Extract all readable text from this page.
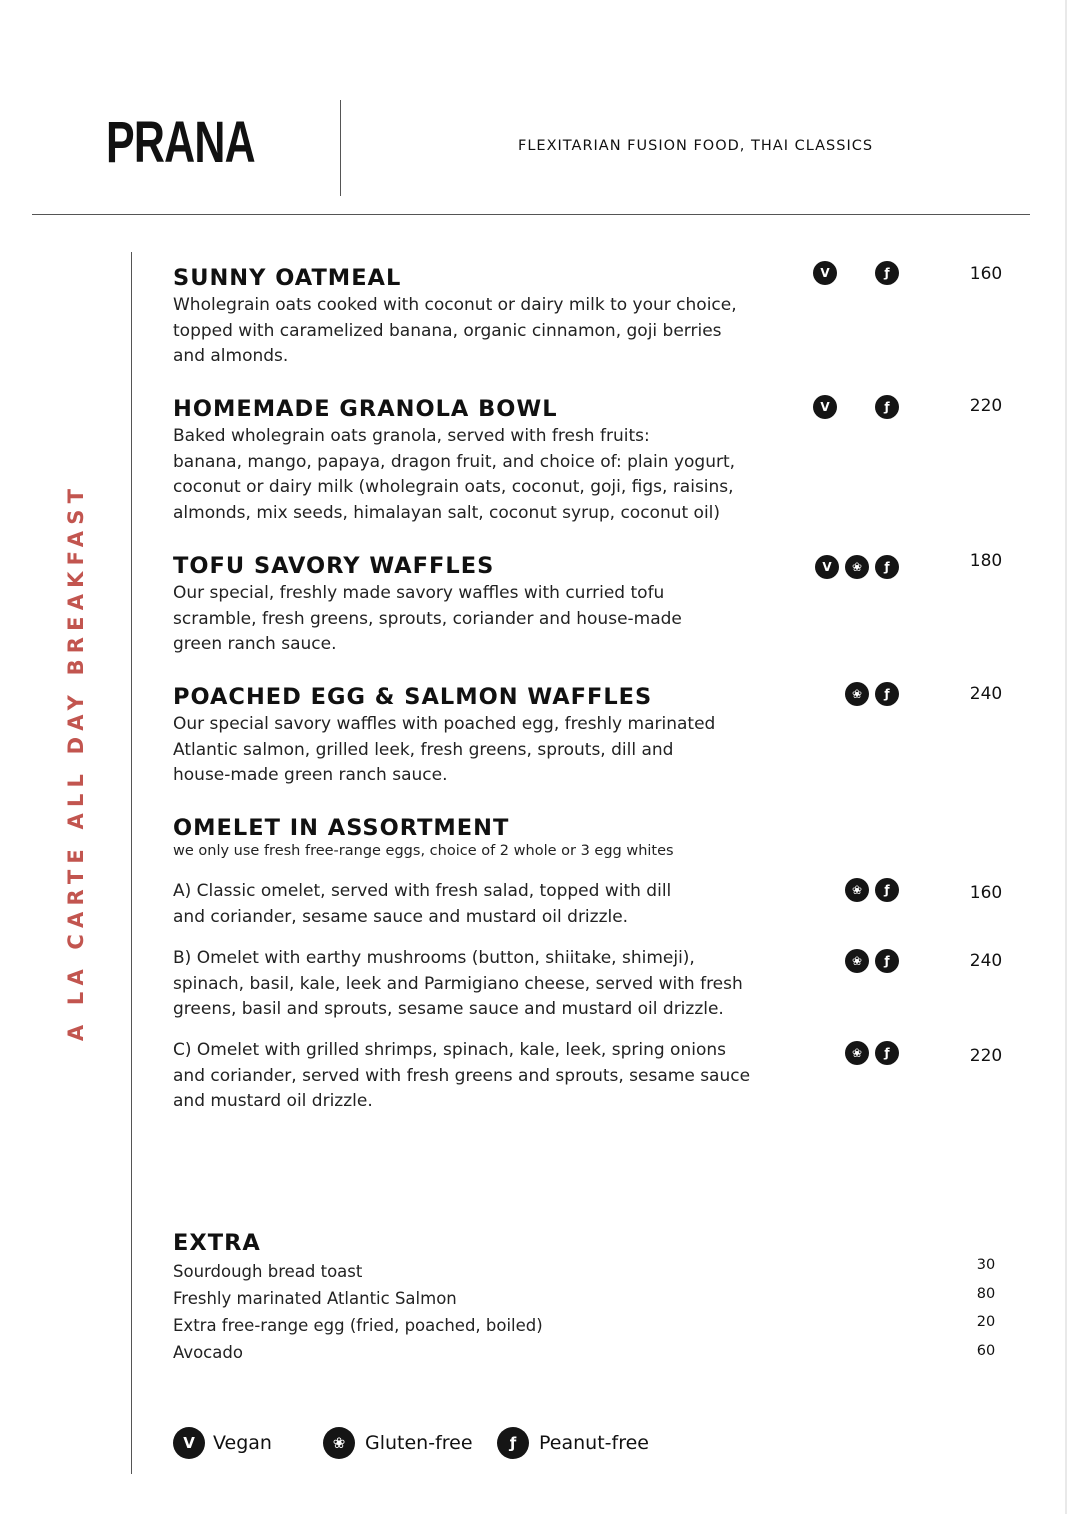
PRANA	FLEXITARIAN FUSION FOOD, THAI CLASSICS
A LA CARTE ALL DAY BREAKFAST
SUNNY OATMEAL
Wholegrain oats cooked with coconut or dairy milk to your choice,
topped with caramelized banana, organic cinnamon, goji berries
and almonds.
160
V	ƒ
HOMEMADE GRANOLA BOWL
Baked wholegrain oats granola, served with fresh fruits:
banana, mango, papaya, dragon fruit, and choice of: plain yogurt,
coconut or dairy milk (wholegrain oats, coconut, goji, figs, raisins,
almonds, mix seeds, himalayan salt, coconut syrup, coconut oil)
220
V	ƒ
TOFU SAVORY WAFFLES
Our special, freshly made savory waffles with curried tofu
scramble, fresh greens, sprouts, coriander and house-made
green ranch sauce.
180
V	❀	ƒ
POACHED EGG & SALMON WAFFLES
Our special savory waffles with poached egg, freshly marinated
Atlantic salmon, grilled leek, fresh greens, sprouts, dill and
house-made green ranch sauce.
240
❀	ƒ
OMELET IN ASSORTMENT
we only use fresh free-range eggs, choice of 2 whole or 3 egg whites
A) Classic omelet, served with fresh salad, topped with dill
and coriander, sesame sauce and mustard oil drizzle.
160
❀	ƒ
B) Omelet with earthy mushrooms (button, shiitake, shimeji),
spinach, basil, kale, leek and Parmigiano cheese, served with fresh
greens, basil and sprouts, sesame sauce and mustard oil drizzle.
240
❀	ƒ
C) Omelet with grilled shrimps, spinach, kale, leek, spring onions
and coriander, served with fresh greens and sprouts, sesame sauce
and mustard oil drizzle.
220
❀	ƒ
EXTRA
Sourdough bread toast	30
Freshly marinated Atlantic Salmon	80
Extra free-range egg (fried, poached, boiled)	20
Avocado	60
V Vegan	❀	Gluten-free	ƒ	Peanut-free
